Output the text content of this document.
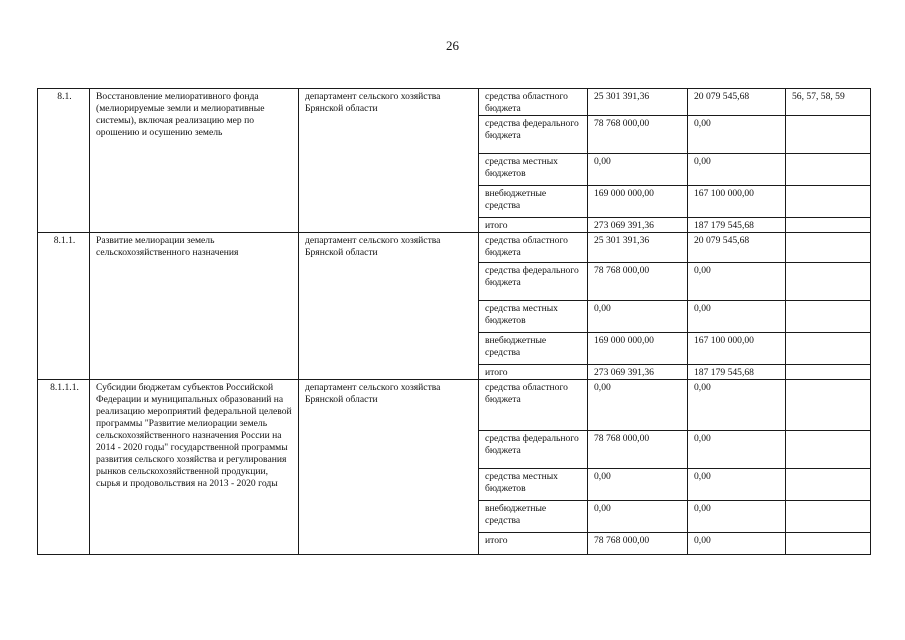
26
8.1.	Восстановление мелиоративного фонда (мелиорируемые земли и мелиоративные системы), включая реализацию мер по орошению и осушению земель	департамент сельского хозяйства Брянской области	средства областного бюджета	25 301 391,36	20 079 545,68	56, 57, 58, 59
			средства федерального бюджета	78 768 000,00	0,00	
			средства местных бюджетов	0,00	0,00	
			внебюджетные средства	169 000 000,00	167 100 000,00	
			итого	273 069 391,36	187 179 545,68	
8.1.1.	Развитие мелиорации земель сельскохозяйственного назначения	департамент сельского хозяйства Брянской области	средства областного бюджета	25 301 391,36	20 079 545,68	
			средства федерального бюджета	78 768 000,00	0,00	
			средства местных бюджетов	0,00	0,00	
			внебюджетные средства	169 000 000,00	167 100 000,00	
			итого	273 069 391,36	187 179 545,68	
8.1.1.1.	Субсидии бюджетам субъектов Российской Федерации и муниципальных образований на реализацию мероприятий федеральной целевой программы "Развитие мелиорации земель сельскохозяйственного назначения России на 2014 - 2020 годы" государственной программы развития сельского хозяйства и регулирования рынков сельскохозяйственной продукции, сырья и продовольствия на 2013 - 2020 годы	департамент сельского хозяйства Брянской области	средства областного бюджета	0,00	0,00	
			средства федерального бюджета	78 768 000,00	0,00	
			средства местных бюджетов	0,00	0,00	
			внебюджетные средства	0,00	0,00	
			итого	78 768 000,00	0,00	
